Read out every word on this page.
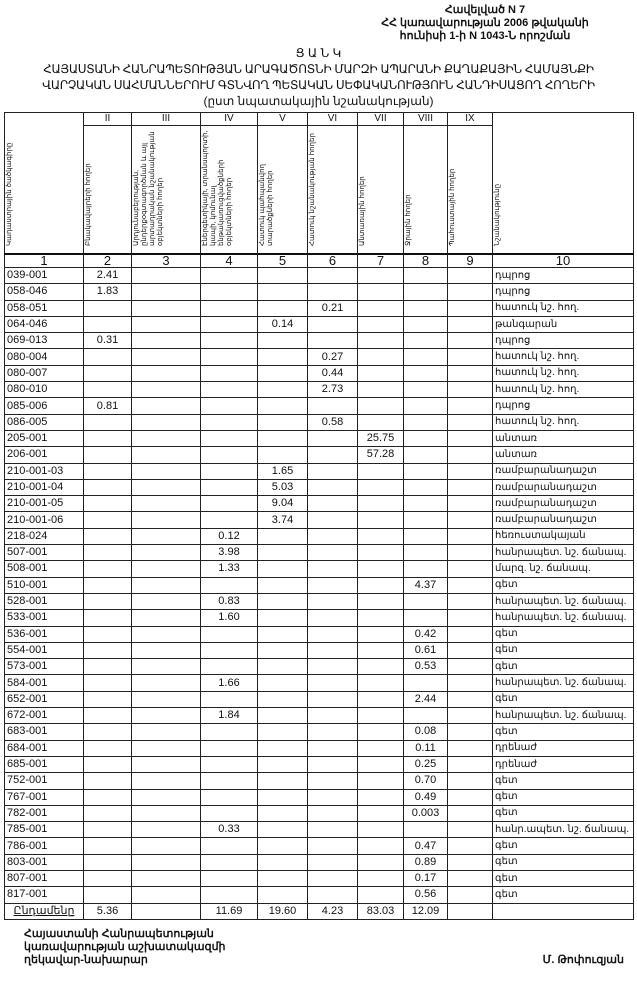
Հավելված N 7
ՀՀ կառավարության 2006 թվականի
հունիսի 1-ի N 1043-Ն որոշման
Ց Ա Ն Կ
ՀԱՅԱՍՏԱՆԻ ՀԱՆՐԱՊԵՏՈՒԹՅԱՆ ԱՐԱԳԱԾՈՏՆԻ ՄԱՐԶԻ ԱՊԱՐԱՆԻ ՔԱՂԱՔԱՅԻՆ ՀԱՄԱՅՆՔԻ
ՎԱՐՉԱԿԱՆ ՍԱՀՄԱՆՆԵՐՈՒՄ ԳՏՆՎՈՂ ՊԵՏԱԿԱՆ ՍԵՓԱԿԱՆՈՒԹՅՈՒՆ ՀԱՆԴԻՍԱՑՈՂ ՀՈՂԵՐԻ
(ըստ նպատակային նշանակության)
Կադաստրային ծածկագիրը	II	III	IV	V	VI	VII	VIII	IX	Նշանակությունը
	Բնակավայրերի հողեր	Արդյունաբերության, ընդերքօգտագործման և այլ արտադրական նշանակության օբյեկտների հողեր	Էներգետիկայի, տրանսպորտի, կապի, կոմունալ ենթակառուցվածքների օբյեկտների հողեր	Հատուկ պահպանվող տարածքների հողեր	Հատուկ նշանակության հողեր	Անտառային հողեր	Ջրային հողեր	Պահուստային հողեր	
1	2	3	4	5	6	7	8	9	10
039-001	2.41								դպրոց
058-046	1.83								դպրոց
058-051					0.21				հատուկ նշ. հող.
064-046				0.14					թանգարան
069-013	0.31								դպրոց
080-004					0.27				հատուկ նշ. հող.
080-007					0.44				հատուկ նշ. հող.
080-010					2.73				հատուկ նշ. հող.
085-006	0.81								դպրոց
086-005					0.58				հատուկ նշ. հող.
205-001						25.75			անտառ
206-001						57.28			անտառ
210-001-03				1.65					ռամբարանադաշտ
210-001-04				5.03					ռամբարանադաշտ
210-001-05				9.04					ռամբարանադաշտ
210-001-06				3.74					ռամբարանադաշտ
218-024			0.12						հեռուստակայան
507-001			3.98						հանրապետ. նշ. ճանապ.
508-001			1.33						մարզ. նշ. ճանապ.
510-001							4.37		գետ
528-001			0.83						հանրապետ. նշ. ճանապ.
533-001			1.60						հանրապետ. նշ. ճանապ.
536-001							0.42		գետ
554-001							0.61		գետ
573-001							0.53		գետ
584-001			1.66						հանրապետ. նշ. ճանապ.
652-001							2.44		գետ
672-001			1.84						հանրապետ. նշ. ճանապ.
683-001							0.08		գետ
684-001							0.11		դրենաժ
685-001							0.25		դրենաժ
752-001							0.70		գետ
767-001							0.49		գետ
782-001							0.003		գետ
785-001			0.33						հանր.ապետ. նշ. ճանապ.
786-001							0.47		գետ
803-001							0.89		գետ
807-001							0.17		գետ
817-001							0.56		գետ
Ընդամենը	5.36		11.69	19.60	4.23	83.03	12.09		
Հայաստանի Հանրապետության
կառավարության աշխատակազմի
ղեկավար-նախարար	Մ. Թոփուզյան
